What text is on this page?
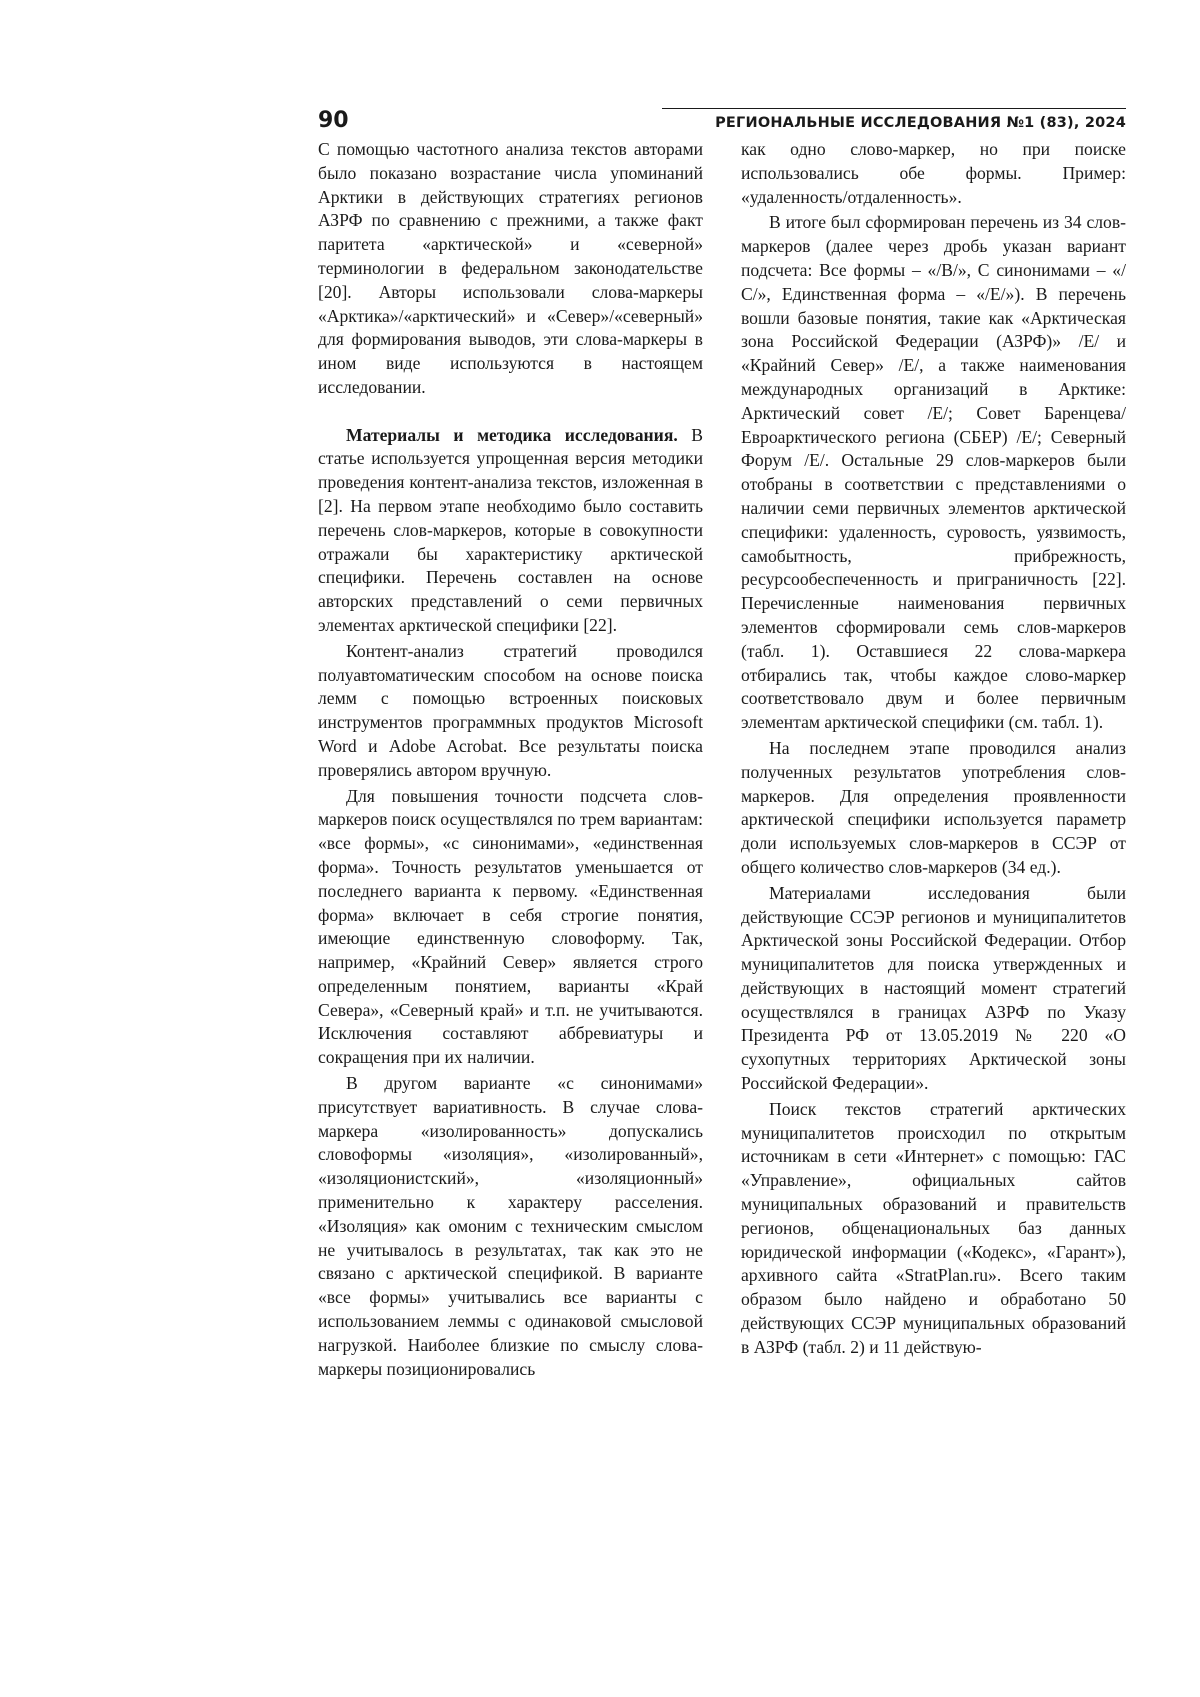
90	РЕГИОНАЛЬНЫЕ ИССЛЕДОВАНИЯ №1 (83), 2024

С помощью частотного анализа текстов авторами было показано возрастание числа упоминаний Арктики в действующих стратегиях регионов АЗРФ по сравнению с прежними, а также факт паритета «арктической» и «северной» терминологии в федеральном законодательстве [20]. Авторы использовали слова-маркеры «Арктика»/«арктический» и «Север»/«северный» для формирования выводов, эти слова-маркеры в ином виде используются в настоящем исследовании.

Материалы и методика исследования. В статье используется упрощенная версия методики проведения контент-анализа текстов, изложенная в [2]. На первом этапе необходимо было составить перечень слов-маркеров, которые в совокупности отражали бы характеристику арктической специфики. Перечень составлен на основе авторских представлений о семи первичных элементах арктической специфики [22].

Контент-анализ стратегий проводился полуавтоматическим способом на основе поиска лемм с помощью встроенных поисковых инструментов программных продуктов Microsoft Word и Adobe Acrobat. Все результаты поиска проверялись автором вручную.

Для повышения точности подсчета слов-маркеров поиск осуществлялся по трем вариантам: «все формы», «с синонимами», «единственная форма». Точность результатов уменьшается от последнего варианта к первому. «Единственная форма» включает в себя строгие понятия, имеющие единственную словоформу. Так, например, «Крайний Север» является строго определенным понятием, варианты «Край Севера», «Северный край» и т.п. не учитываются. Исключения составляют аббревиатуры и сокращения при их наличии.

В другом варианте «с синонимами» присутствует вариативность. В случае слова-маркера «изолированность» допускались словоформы «изоляция», «изолированный», «изоляционистский», «изоляционный» применительно к характеру расселения. «Изоляция» как омоним с техническим смыслом не учитывалось в результатах, так как это не связано с арктической спецификой. В варианте «все формы» учитывались все варианты с использованием леммы с одинаковой смысловой нагрузкой. Наиболее близкие по смыслу слова-маркеры позиционировались

как одно слово-маркер, но при поиске использовались обе формы. Пример: «удаленность/отдаленность».

В итоге был сформирован перечень из 34 слов-маркеров (далее через дробь указан вариант подсчета: Все формы – «/В/», С синонимами – «/С/», Единственная форма – «/Е/»). В перечень вошли базовые понятия, такие как «Арктическая зона Российской Федерации (АЗРФ)» /Е/ и «Крайний Север» /Е/, а также наименования международных организаций в Арктике: Арктический совет /Е/; Совет Баренцева/Евроарктического региона (СБЕР) /Е/; Северный Форум /Е/. Остальные 29 слов-маркеров были отобраны в соответствии с представлениями о наличии семи первичных элементов арктической специфики: удаленность, суровость, уязвимость, самобытность, прибрежность, ресурсообеспеченность и приграничность [22]. Перечисленные наименования первичных элементов сформировали семь слов-маркеров (табл. 1). Оставшиеся 22 слова-маркера отбирались так, чтобы каждое слово-маркер соответствовало двум и более первичным элементам арктической специфики (см. табл. 1).

На последнем этапе проводился анализ полученных результатов употребления слов-маркеров. Для определения проявленности арктической специфики используется параметр доли используемых слов-маркеров в ССЭР от общего количество слов-маркеров (34 ед.).

Материалами исследования были действующие ССЭР регионов и муниципалитетов Арктической зоны Российской Федерации. Отбор муниципалитетов для поиска утвержденных и действующих в настоящий момент стратегий осуществлялся в границах АЗРФ по Указу Президента РФ от 13.05.2019 № 220 «О сухопутных территориях Арктической зоны Российской Федерации».

Поиск текстов стратегий арктических муниципалитетов происходил по открытым источникам в сети «Интернет» с помощью: ГАС «Управление», официальных сайтов муниципальных образований и правительств регионов, общенациональных баз данных юридической информации («Кодекс», «Гарант»), архивного сайта «StratPlan.ru». Всего таким образом было найдено и обработано 50 действующих ССЭР муниципальных образований в АЗРФ (табл. 2) и 11 действую-
